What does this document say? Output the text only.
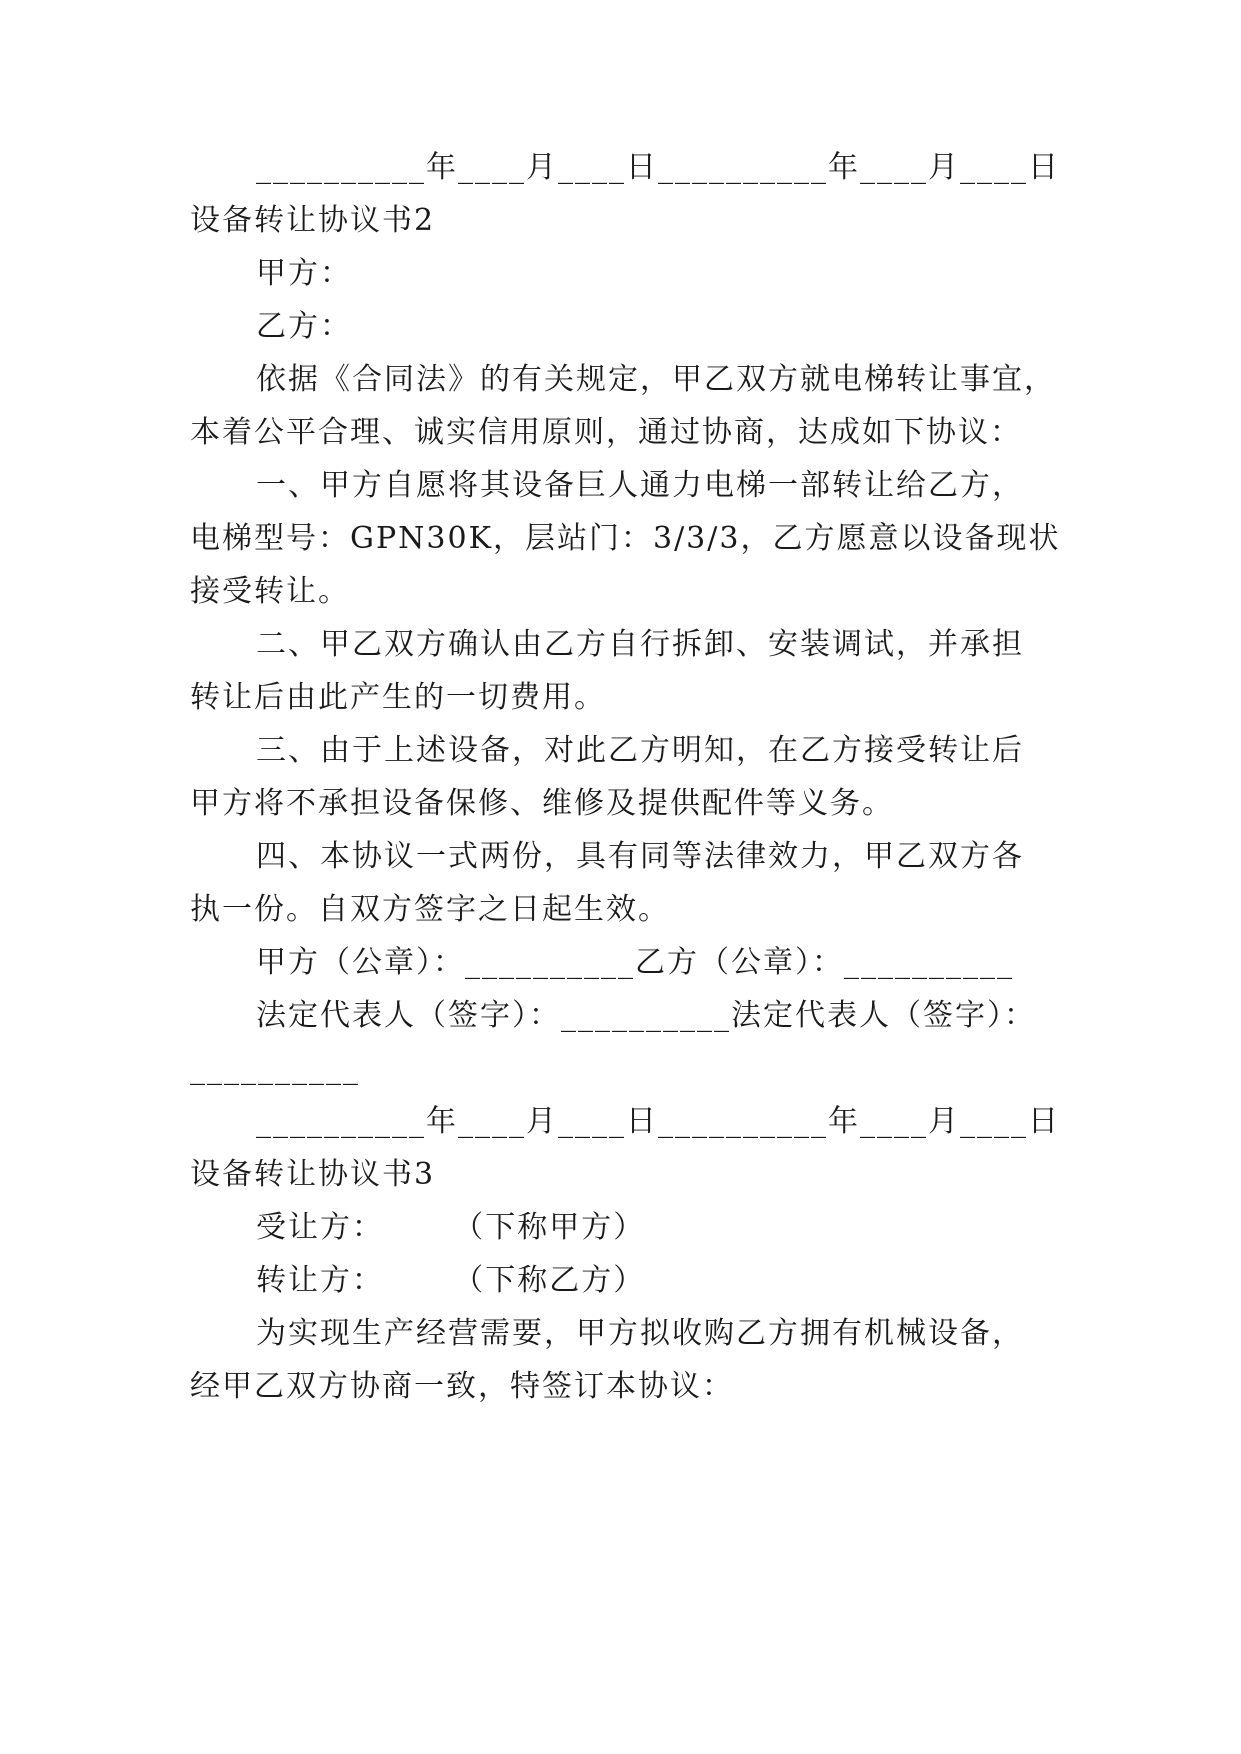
__________年____月____日__________年____月____日
设备转让协议书2
甲方：
乙方：
依据《合同法》的有关规定，甲乙双方就电梯转让事宜，
本着公平合理、诚实信用原则，通过协商，达成如下协议：
一、甲方自愿将其设备巨人通力电梯一部转让给乙方，
电梯型号：GPN30K，层站门：3/3/3，乙方愿意以设备现状
接受转让。
二、甲乙双方确认由乙方自行拆卸、安装调试，并承担
转让后由此产生的一切费用。
三、由于上述设备，对此乙方明知，在乙方接受转让后
甲方将不承担设备保修、维修及提供配件等义务。
四、本协议一式两份，具有同等法律效力，甲乙双方各
执一份。自双方签字之日起生效。
甲方（公章）：__________乙方（公章）：__________
法定代表人（签字）：__________法定代表人（签字）：
__________
__________年____月____日__________年____月____日
设备转让协议书3
受让方：      （下称甲方）
转让方：      （下称乙方）
为实现生产经营需要，甲方拟收购乙方拥有机械设备，
经甲乙双方协商一致，特签订本协议：
